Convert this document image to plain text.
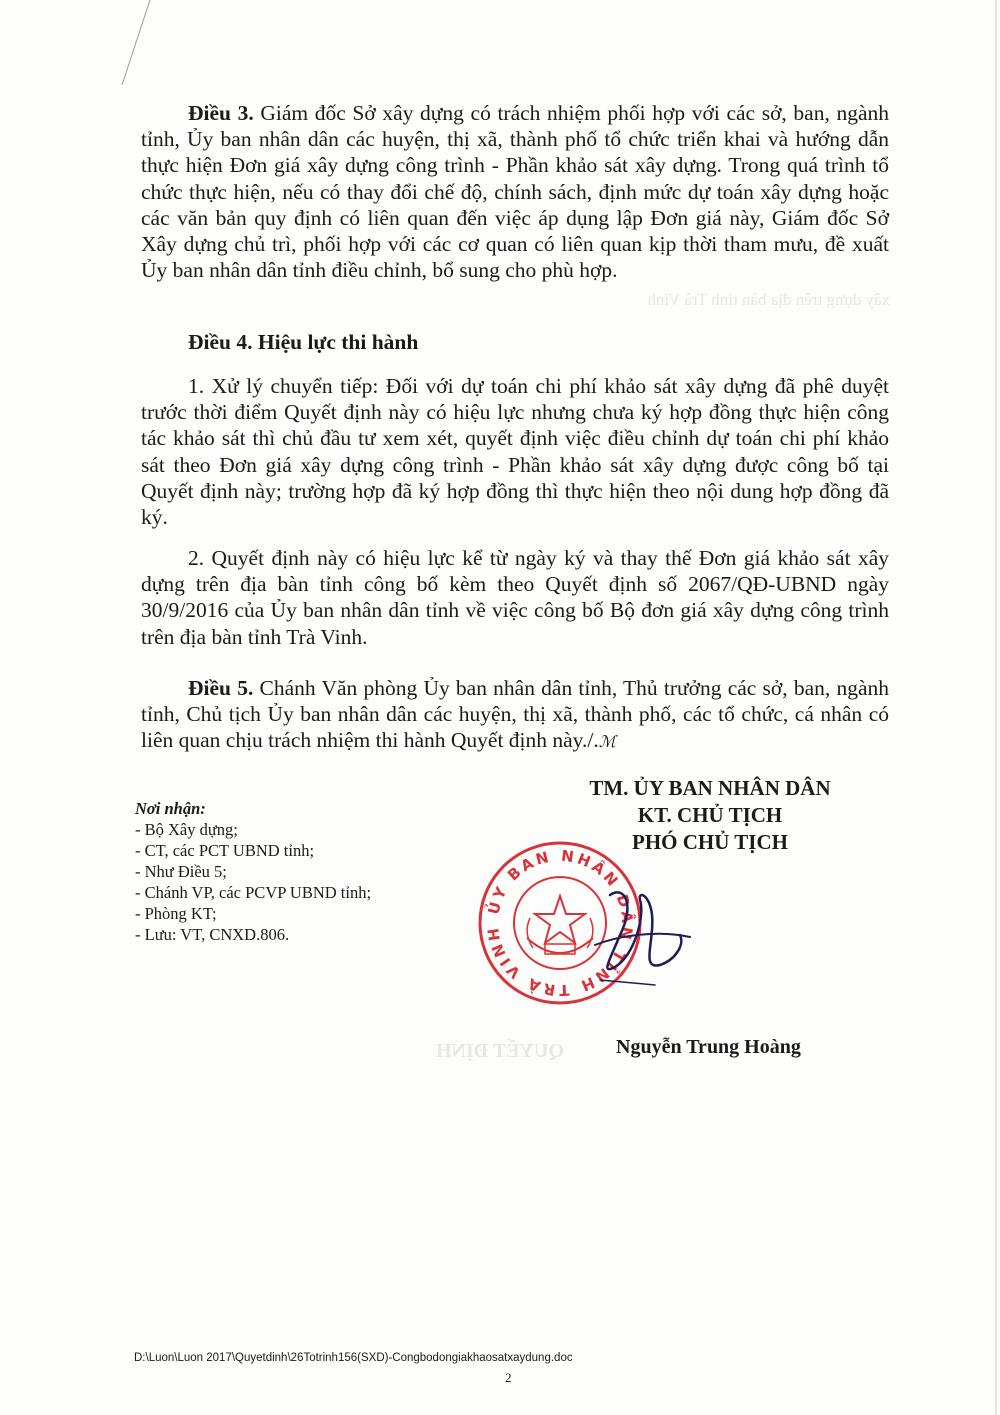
xây dựng trên địa bàn tỉnh Trà Vinh
QUYẾT ĐỊNH

Điều 3. Giám đốc Sở xây dựng có trách nhiệm phối hợp với các sở, ban, ngành tỉnh, Ủy ban nhân dân các huyện, thị xã, thành phố tổ chức triển khai và hướng dẫn thực hiện Đơn giá xây dựng công trình - Phần khảo sát xây dựng. Trong quá trình tổ chức thực hiện, nếu có thay đổi chế độ, chính sách, định mức dự toán xây dựng hoặc các văn bản quy định có liên quan đến việc áp dụng lập Đơn giá này, Giám đốc Sở Xây dựng chủ trì, phối hợp với các cơ quan có liên quan kịp thời tham mưu, đề xuất Ủy ban nhân dân tỉnh điều chỉnh, bổ sung cho phù hợp.

Điều 4. Hiệu lực thi hành

1. Xử lý chuyển tiếp: Đối với dự toán chi phí khảo sát xây dựng đã phê duyệt trước thời điểm Quyết định này có hiệu lực nhưng chưa ký hợp đồng thực hiện công tác khảo sát thì chủ đầu tư xem xét, quyết định việc điều chỉnh dự toán chi phí khảo sát theo Đơn giá xây dựng công trình - Phần khảo sát xây dựng được công bố tại Quyết định này; trường hợp đã ký hợp đồng thì thực hiện theo nội dung hợp đồng đã ký.

2. Quyết định này có hiệu lực kể từ ngày ký và thay thế Đơn giá khảo sát xây dựng trên địa bàn tỉnh công bố kèm theo Quyết định số 2067/QĐ-UBND ngày 30/9/2016 của Ủy ban nhân dân tỉnh về việc công bố Bộ đơn giá xây dựng công trình trên địa bàn tỉnh Trà Vinh.

Điều 5. Chánh Văn phòng Ủy ban nhân dân tỉnh, Thủ trưởng các sở, ban, ngành tỉnh, Chủ tịch Ủy ban nhân dân các huyện, thị xã, thành phố, các tổ chức, cá nhân có liên quan chịu trách nhiệm thi hành Quyết định này./.ℳ

Nơi nhận:
- Bộ Xây dựng;
- CT, các PCT UBND tỉnh;
- Như Điều 5;
- Chánh VP, các PCVP UBND tỉnh;
- Phòng KT;
- Lưu: VT, CNXD.806.
TM. ỦY BAN NHÂN DÂN
KT. CHỦ TỊCH
PHÓ CHỦ TỊCH
ỦY BAN NHÂN DÂN TỈNH TRÀ VINH
Nguyễn Trung Hoàng
D:\Luon\Luon 2017\Quyetdinh\26Totrinh156(SXD)-Congbodongiakhaosatxaydung.doc
2
